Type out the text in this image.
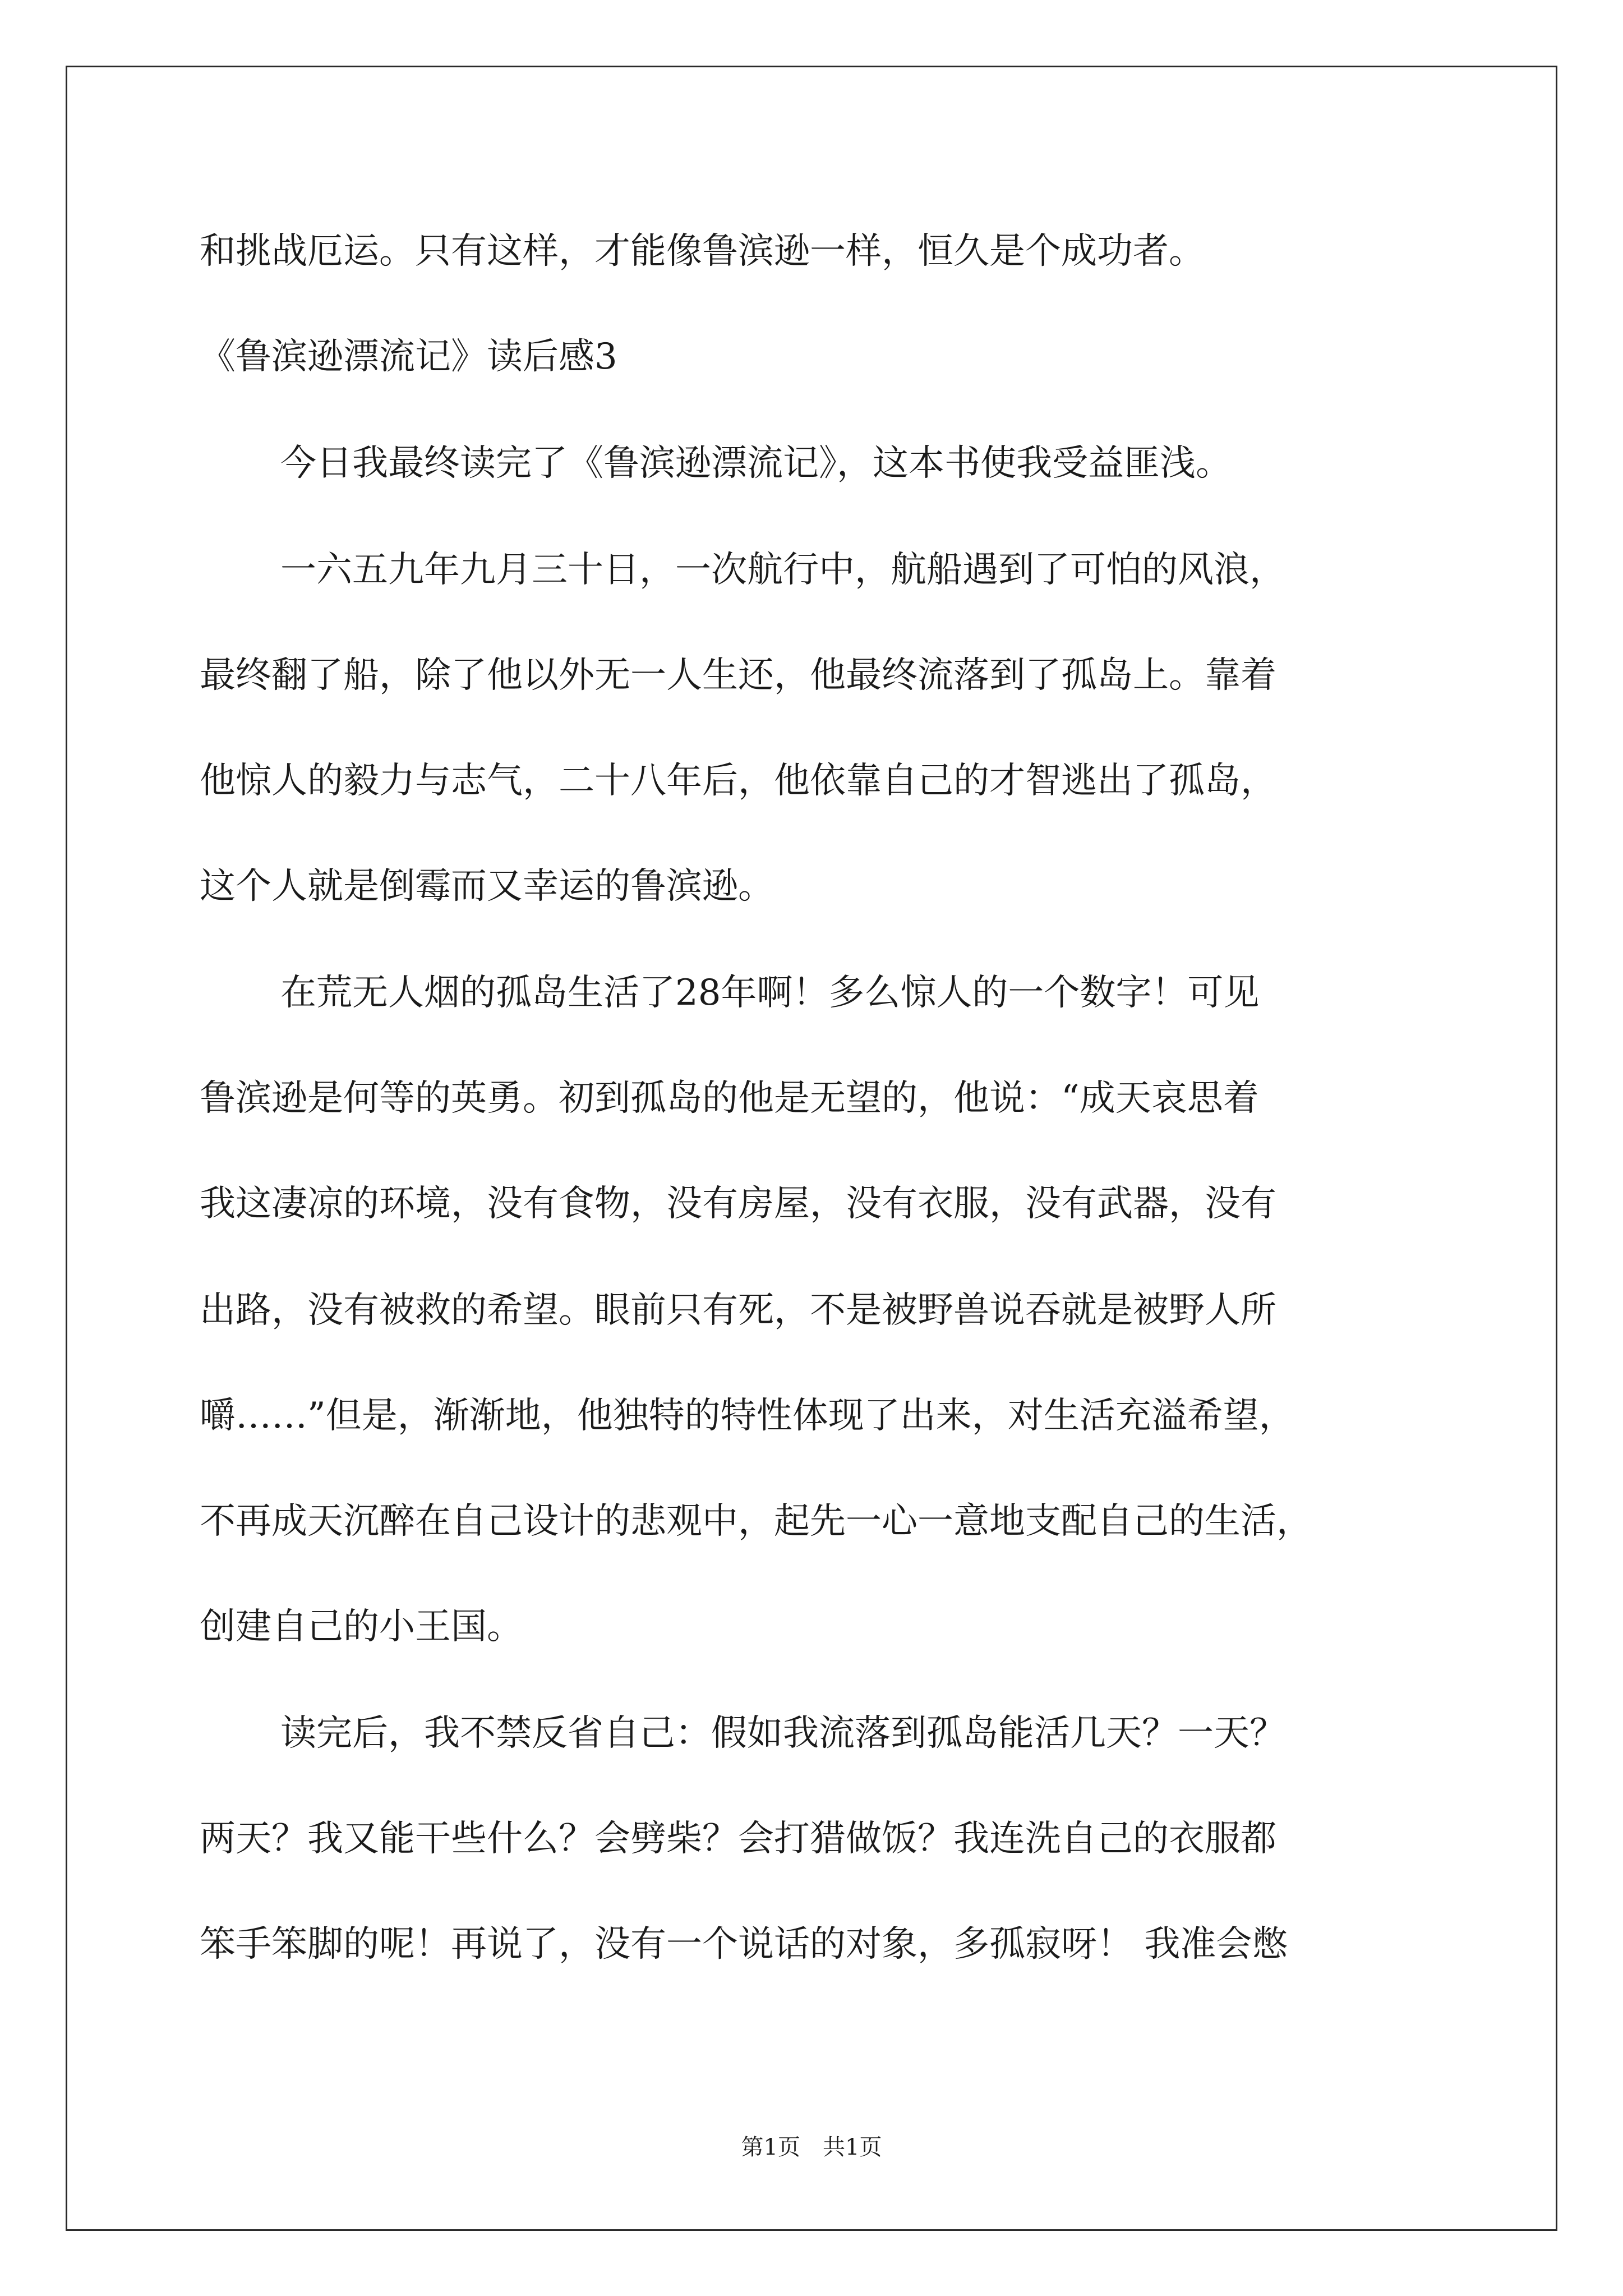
和挑战厄运。只有这样，才能像鲁滨逊一样，恒久是个成功者。
《鲁滨逊漂流记》读后感3
今日我最终读完了《鲁滨逊漂流记》，这本书使我受益匪浅。
一六五九年九月三十日，一次航行中，航船遇到了可怕的风浪，
最终翻了船，除了他以外无一人生还，他最终流落到了孤岛上。靠着
他惊人的毅力与志气，二十八年后，他依靠自己的才智逃出了孤岛，
这个人就是倒霉而又幸运的鲁滨逊。
在荒无人烟的孤岛生活了28年啊！多么惊人的一个数字！可见
鲁滨逊是何等的英勇。初到孤岛的他是无望的，他说：“成天哀思着
我这凄凉的环境，没有食物，没有房屋，没有衣服，没有武器，没有
出路，没有被救的希望。眼前只有死，不是被野兽说吞就是被野人所
嚼……”但是，渐渐地，他独特的特性体现了出来，对生活充溢希望，
不再成天沉醉在自己设计的悲观中，起先一心一意地支配自己的生活，
创建自己的小王国。
读完后，我不禁反省自己：假如我流落到孤岛能活几天？一天？
两天？我又能干些什么？会劈柴？会打猎做饭？我连洗自己的衣服都
笨手笨脚的呢！再说了，没有一个说话的对象，多孤寂呀！ 我准会憋
第1页　共1页
